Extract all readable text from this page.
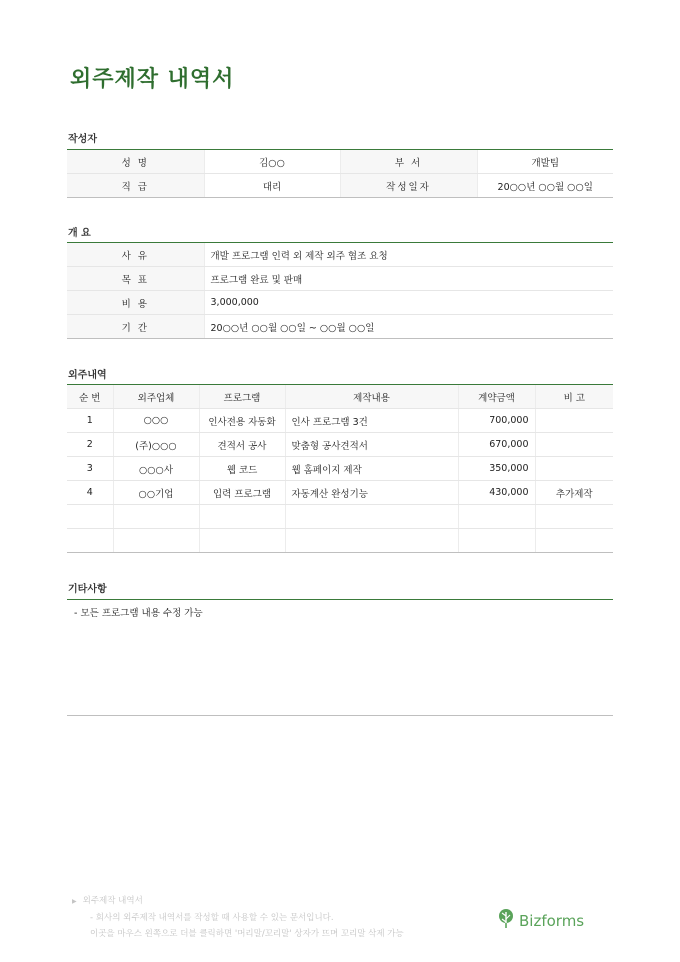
외주제작 내역서
작성자
성 명	김○○	부 서	개발팀
직 급	대리	작성일자	20○○년 ○○월 ○○일
개 요
사 유	개발 프로그램 인력 외 제작 외주 협조 요청
목 표	프로그램 완료 및 판매
비 용	3,000,000
기 간	20○○년 ○○월 ○○일 ~ ○○월 ○○일
외주내역
순 번	외주업체	프로그램	제작내용	계약금액	비 고
1	○○○	인사전용 자동화	인사 프로그램 3건	700,000	
2	(주)○○○	견적서 공사	맞춤형 공사견적서	670,000	
3	○○○사	웹 코드	웹 홈페이지 제작	350,000	
4	○○기업	입력 프로그램	자동계산 완성기능	430,000	추가제작

기타사항
- 모든 프로그램 내용 수정 가능
▶ 외주제작 내역서
- 회사의 외주제작 내역서를 작성할 때 사용할 수 있는 문서입니다.
이곳을 마우스 왼쪽으로 더블 클릭하면 '머리말/꼬리말' 상자가 뜨며 꼬리말 삭제 가능
Bizforms
